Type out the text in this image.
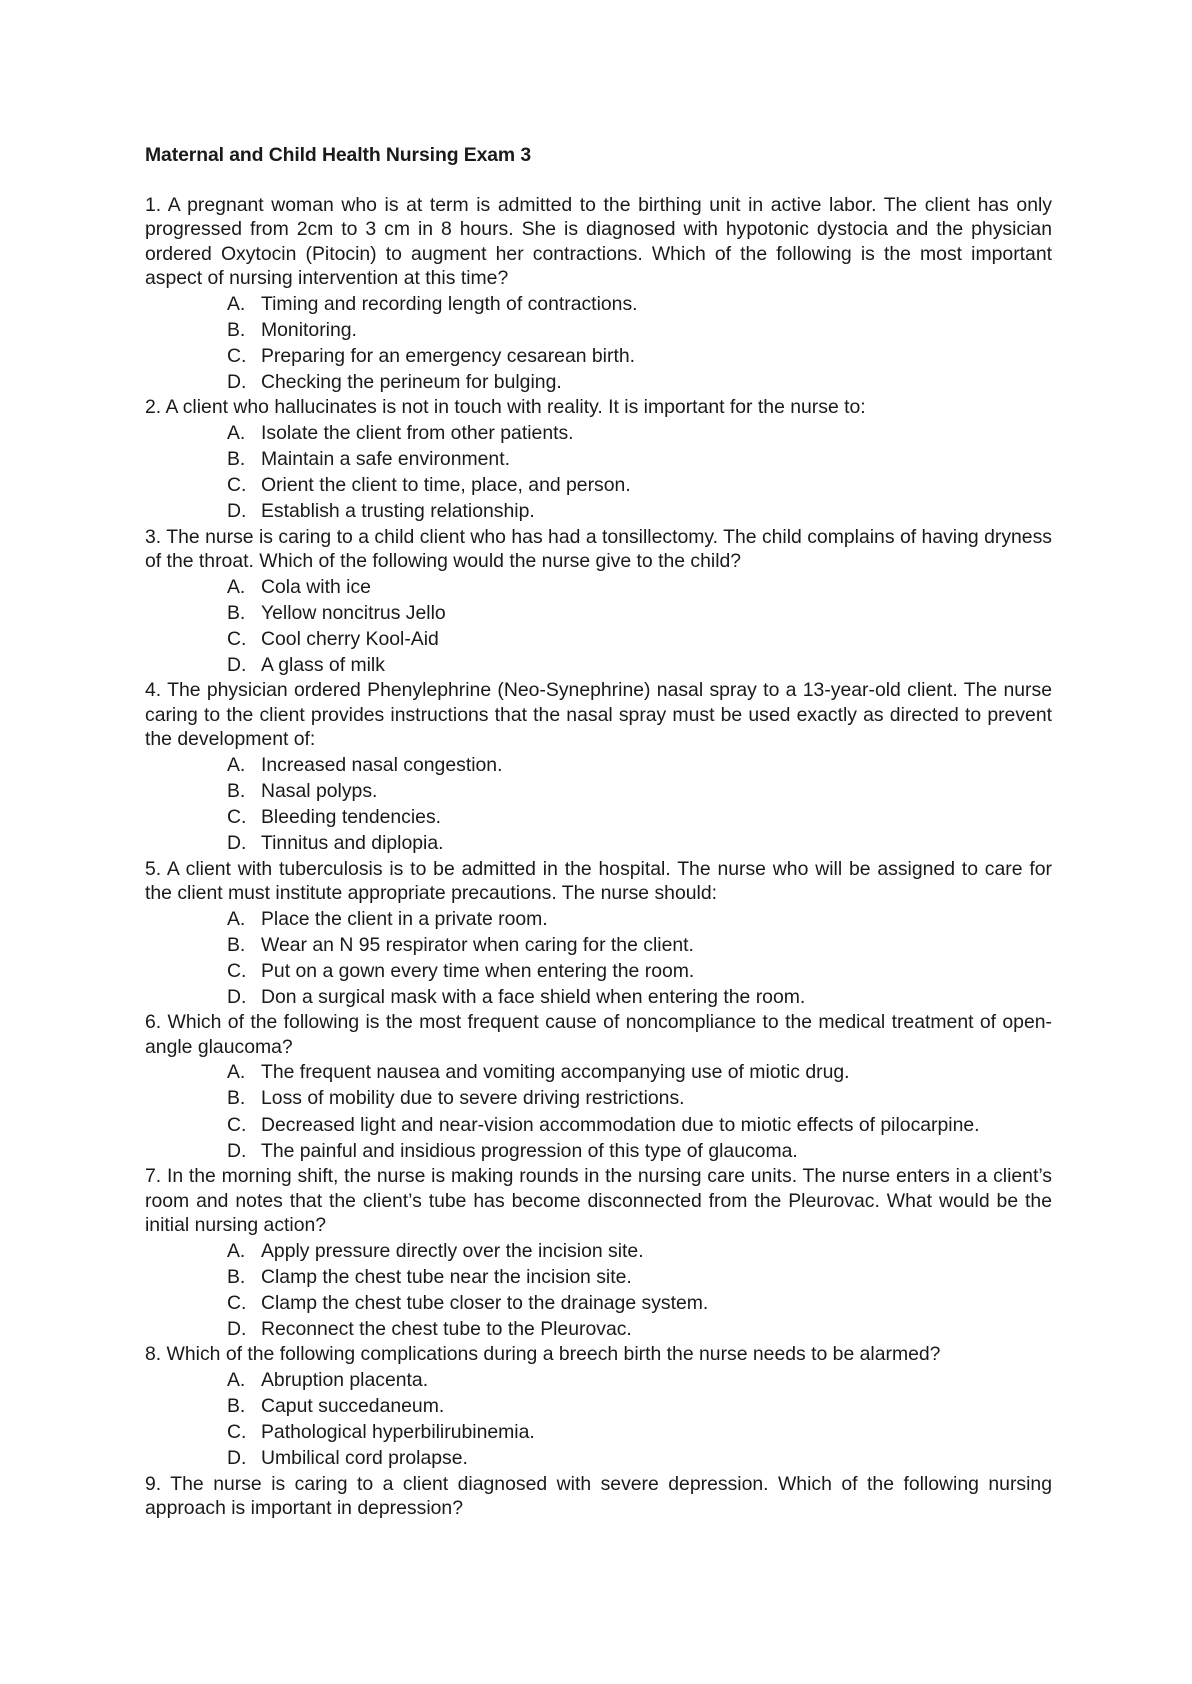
Maternal and Child Health Nursing Exam 3

1. A pregnant woman who is at term is admitted to the birthing unit in active labor. The client has only progressed from 2cm to 3 cm in 8 hours. She is diagnosed with hypotonic dystocia and the physician ordered Oxytocin (Pitocin) to augment her contractions. Which of the following is the most important aspect of nursing intervention at this time?

A. Timing and recording length of contractions.
B. Monitoring.
C. Preparing for an emergency cesarean birth.
D. Checking the perineum for bulging.

2. A client who hallucinates is not in touch with reality. It is important for the nurse to:

A. Isolate the client from other patients.
B. Maintain a safe environment.
C. Orient the client to time, place, and person.
D. Establish a trusting relationship.

3. The nurse is caring to a child client who has had a tonsillectomy. The child complains of having dryness of the throat. Which of the following would the nurse give to the child?

A. Cola with ice
B. Yellow noncitrus Jello
C. Cool cherry Kool-Aid
D. A glass of milk

4. The physician ordered Phenylephrine (Neo-Synephrine) nasal spray to a 13-year-old client. The nurse caring to the client provides instructions that the nasal spray must be used exactly as directed to prevent the development of:

A. Increased nasal congestion.
B. Nasal polyps.
C. Bleeding tendencies.
D. Tinnitus and diplopia.

5. A client with tuberculosis is to be admitted in the hospital. The nurse who will be assigned to care for the client must institute appropriate precautions. The nurse should:

A. Place the client in a private room.
B. Wear an N 95 respirator when caring for the client.
C. Put on a gown every time when entering the room.
D. Don a surgical mask with a face shield when entering the room.

6. Which of the following is the most frequent cause of noncompliance to the medical treatment of open-angle glaucoma?

A. The frequent nausea and vomiting accompanying use of miotic drug.
B. Loss of mobility due to severe driving restrictions.
C. Decreased light and near-vision accommodation due to miotic effects of pilocarpine.
D. The painful and insidious progression of this type of glaucoma.

7. In the morning shift, the nurse is making rounds in the nursing care units. The nurse enters in a client’s room and notes that the client’s tube has become disconnected from the Pleurovac. What would be the initial nursing action?

A. Apply pressure directly over the incision site.
B. Clamp the chest tube near the incision site.
C. Clamp the chest tube closer to the drainage system.
D. Reconnect the chest tube to the Pleurovac.

8. Which of the following complications during a breech birth the nurse needs to be alarmed?

A. Abruption placenta.
B. Caput succedaneum.
C. Pathological hyperbilirubinemia.
D. Umbilical cord prolapse.

9. The nurse is caring to a client diagnosed with severe depression. Which of the following nursing approach is important in depression?
